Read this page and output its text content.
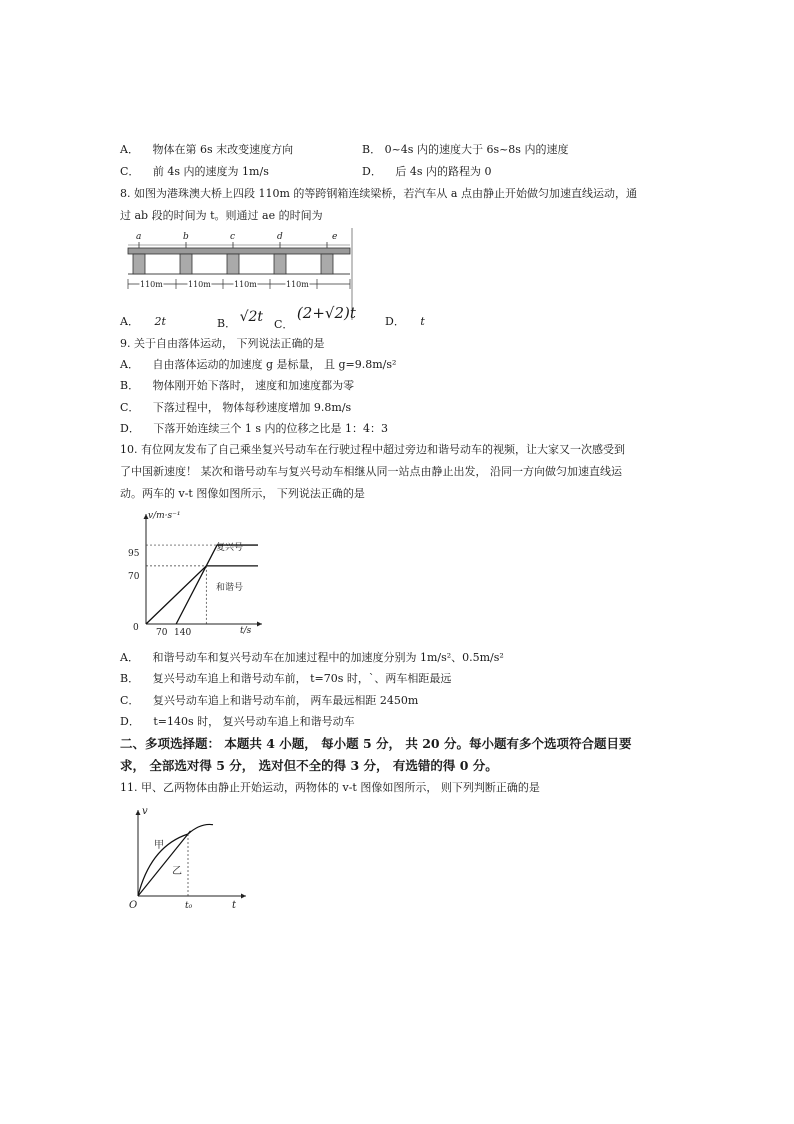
A． 物体在第 6s 末改变速度方向	B． 0~4s 内的速度大于 6s~8s 内的速度
C． 前 4s 内的速度为 1m/s	D． 后 4s 内的路程为 0
8. 如图为港珠澳大桥上四段 110m 的等跨钢箱连续梁桥，若汽车从 a 点由静止开始做匀加速直线运动，通
过 ab 段的时间为 t。则通过 ae 的时间为
a	b	c	d	e
110m	110m	110m	110m
A． 2t	B． √2t C． (2+√2)t	D． t
9. 关于自由落体运动， 下列说法正确的是
A． 自由落体运动的加速度 g 是标量， 且 g=9.8m/s²
B． 物体刚开始下落时， 速度和加速度都为零
C． 下落过程中， 物体每秒速度增加 9.8m/s
D． 下落开始连续三个 1 s 内的位移之比是 1：4：3
10. 有位网友发布了自己乘坐复兴号动车在行驶过程中超过旁边和谐号动车的视频，让大家又一次感受到
了中国新速度！ 某次和谐号动车与复兴号动车相继从同一站点由静止出发， 沿同一方向做匀加速直线运
动。两车的 v-t 图像如图所示， 下列说法正确的是
v/m·s⁻¹
t/s
0
95
70
70 140
复兴号
和谐号
A． 和谐号动车和复兴号动车在加速过程中的加速度分别为 1m/s²、0.5m/s²
B． 复兴号动车追上和谐号动车前， t=70s 时，`、两车相距最远
C． 复兴号动车追上和谐号动车前， 两车最远相距 2450m
D． t=140s 时， 复兴号动车追上和谐号动车
二、多项选择题： 本题共 4 小题， 每小题 5 分， 共 20 分。每小题有多个选项符合题目要
求， 全部选对得 5 分， 选对但不全的得 3 分， 有选错的得 0 分。
11. 甲、乙两物体由静止开始运动，两物体的 v-t 图像如图所示， 则下列判断正确的是
v
t
O	t₀
甲
乙
